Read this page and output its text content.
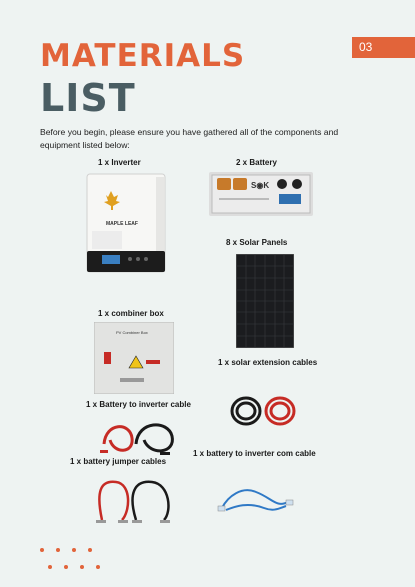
MATERIALS
LIST
03
Before you begin, please ensure you have gathered all of the components and equipment listed below:
1 x Inverter	2 x Battery
8 x Solar Panels
1 x combiner box
1 x solar extension cables
1 x Battery to inverter cable
1 x battery to inverter com cable
1 x battery jumper cables
MAPLE LEAF
S◉K
PV Combiner Box
